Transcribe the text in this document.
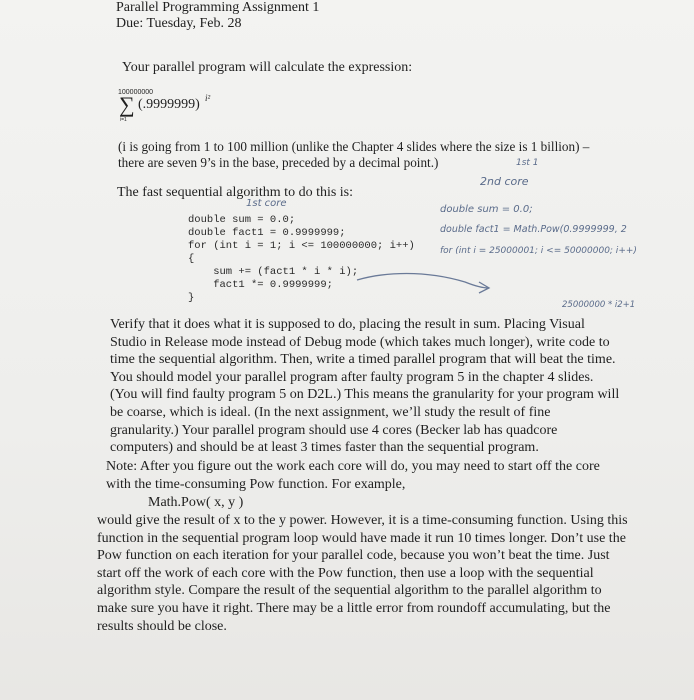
Parallel Programming Assignment 1
Due: Tuesday, Feb. 28
Your parallel program will calculate the expression:
100000000
∑ (.9999999) i²
i=1
(i is going from 1 to 100 million (unlike the Chapter 4 slides where the size is 1 billion) –
there are seven 9’s in the base, preceded by a decimal point.)
The fast sequential algorithm to do this is:
double sum = 0.0;
double fact1 = 0.9999999;
for (int i = 1; i <= 100000000; i++)
{
sum += (fact1 * i * i);
fact1 *= 0.9999999;
}
1st core
2nd core
1st 1
double sum = 0.0;
double fact1 = Math.Pow(0.9999999, 2
for (int i = 25000001; i <= 50000000; i++)
25000000 * i2+1
Verify that it does what it is supposed to do, placing the result in sum. Placing Visual Studio in Release mode instead of Debug mode (which takes much longer), write code to time the sequential algorithm. Then, write a timed parallel program that will beat the time. You should model your parallel program after faulty program 5 in the chapter 4 slides. (You will find faulty program 5 on D2L.) This means the granularity for your program will be coarse, which is ideal. (In the next assignment, we’ll study the result of fine granularity.) Your parallel program should use 4 cores (Becker lab has quadcore computers) and should be at least 3 times faster than the sequential program.
Note: After you figure out the work each core will do, you may need to start off the core with the time-consuming Pow function. For example,
Math.Pow( x, y )
would give the result of x to the y power. However, it is a time-consuming function. Using this function in the sequential program loop would have made it run 10 times longer. Don’t use the Pow function on each iteration for your parallel code, because you won’t beat the time. Just start off the work of each core with the Pow function, then use a loop with the sequential algorithm style. Compare the result of the sequential algorithm to the parallel algorithm to make sure you have it right. There may be a little error from roundoff accumulating, but the results should be close.
